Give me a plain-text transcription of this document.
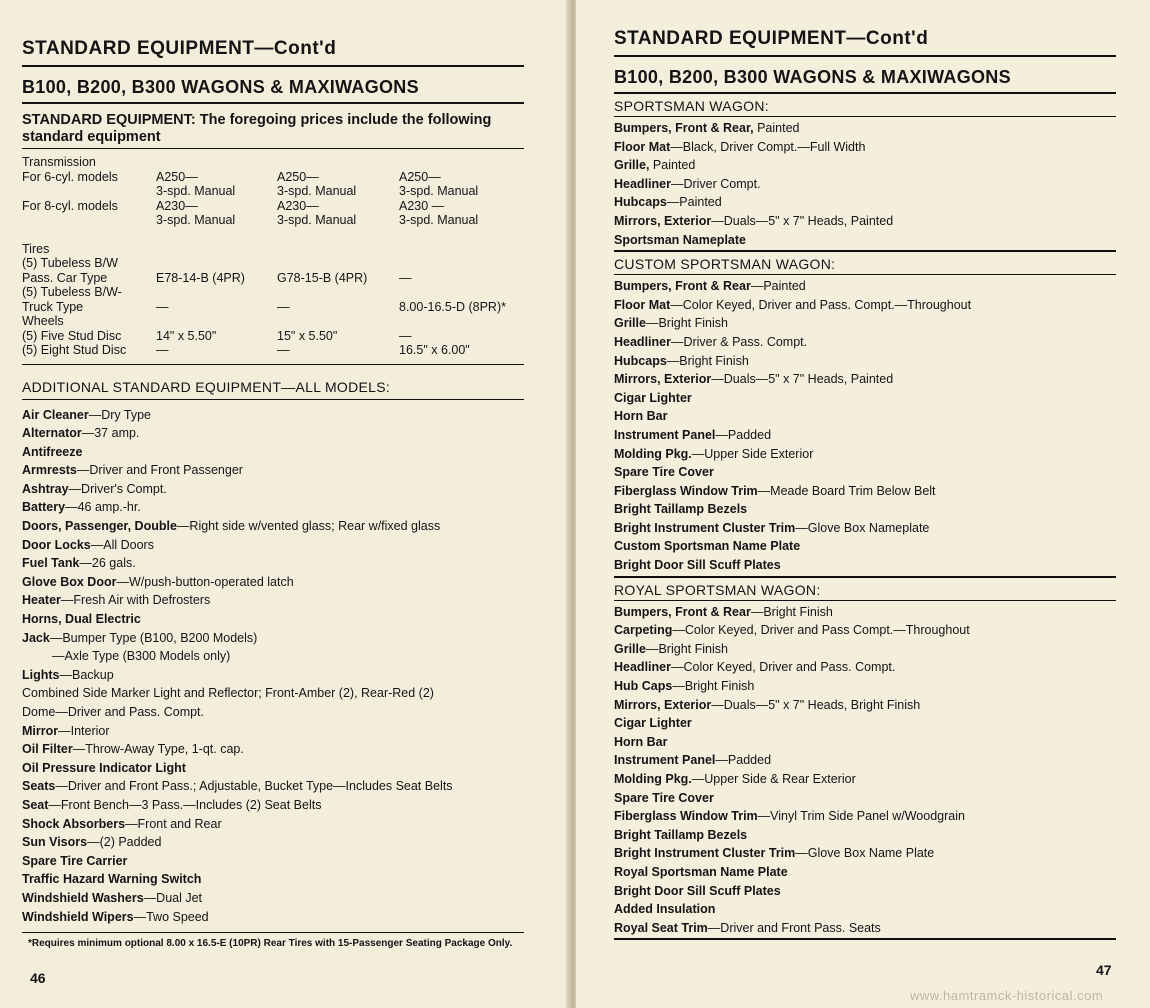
STANDARD EQUIPMENT—Cont'd
B100, B200, B300 WAGONS & MAXIWAGONS
STANDARD EQUIPMENT: The foregoing prices include the following standard equipment
Transmission
For 6-cyl. models	A250—	A250—	A250—
3-spd. Manual	3-spd. Manual	3-spd. Manual
For 8-cyl. models	A230—	A230—	A230 —
3-spd. Manual	3-spd. Manual	3-spd. Manual
Tires
(5) Tubeless B/W
Pass. Car Type	E78-14-B (4PR)	G78-15-B (4PR)	—
(5) Tubeless B/W-
Truck Type	—	—	8.00-16.5-D (8PR)*
Wheels
(5) Five Stud Disc	14" x 5.50"	15" x 5.50"	—
(5) Eight Stud Disc	—	—	16.5" x 6.00"
ADDITIONAL STANDARD EQUIPMENT—ALL MODELS:
Air Cleaner—Dry Type
Alternator—37 amp.
Antifreeze
Armrests—Driver and Front Passenger
Ashtray—Driver's Compt.
Battery—46 amp.-hr.
Doors, Passenger, Double—Right side w/vented glass; Rear w/fixed glass
Door Locks—All Doors
Fuel Tank—26 gals.
Glove Box Door—W/push-button-operated latch
Heater—Fresh Air with Defrosters
Horns, Dual Electric
Jack—Bumper Type (B100, B200 Models)
—Axle Type (B300 Models only)
Lights—Backup
Combined Side Marker Light and Reflector; Front-Amber (2), Rear-Red (2)
Dome—Driver and Pass. Compt.
Mirror—Interior
Oil Filter—Throw-Away Type, 1-qt. cap.
Oil Pressure Indicator Light
Seats—Driver and Front Pass.; Adjustable, Bucket Type—Includes Seat Belts
Seat—Front Bench—3 Pass.—Includes (2) Seat Belts
Shock Absorbers—Front and Rear
Sun Visors—(2) Padded
Spare Tire Carrier
Traffic Hazard Warning Switch
Windshield Washers—Dual Jet
Windshield Wipers—Two Speed
*Requires minimum optional 8.00 x 16.5-E (10PR) Rear Tires with 15-Passenger Seating Package Only.
46
STANDARD EQUIPMENT—Cont'd
B100, B200, B300 WAGONS & MAXIWAGONS
SPORTSMAN WAGON:
Bumpers, Front & Rear, Painted
Floor Mat—Black, Driver Compt.—Full Width
Grille, Painted
Headliner—Driver Compt.
Hubcaps—Painted
Mirrors, Exterior—Duals—5" x 7" Heads, Painted
Sportsman Nameplate
CUSTOM SPORTSMAN WAGON:
Bumpers, Front & Rear—Painted
Floor Mat—Color Keyed, Driver and Pass. Compt.—Throughout
Grille—Bright Finish
Headliner—Driver & Pass. Compt.
Hubcaps—Bright Finish
Mirrors, Exterior—Duals—5" x 7" Heads, Painted
Cigar Lighter
Horn Bar
Instrument Panel—Padded
Molding Pkg.—Upper Side Exterior
Spare Tire Cover
Fiberglass Window Trim—Meade Board Trim Below Belt
Bright Taillamp Bezels
Bright Instrument Cluster Trim—Glove Box Nameplate
Custom Sportsman Name Plate
Bright Door Sill Scuff Plates
ROYAL SPORTSMAN WAGON:
Bumpers, Front & Rear—Bright Finish
Carpeting—Color Keyed, Driver and Pass Compt.—Throughout
Grille—Bright Finish
Headliner—Color Keyed, Driver and Pass. Compt.
Hub Caps—Bright Finish
Mirrors, Exterior—Duals—5" x 7" Heads, Bright Finish
Cigar Lighter
Horn Bar
Instrument Panel—Padded
Molding Pkg.—Upper Side & Rear Exterior
Spare Tire Cover
Fiberglass Window Trim—Vinyl Trim Side Panel w/Woodgrain
Bright Taillamp Bezels
Bright Instrument Cluster Trim—Glove Box Name Plate
Royal Sportsman Name Plate
Bright Door Sill Scuff Plates
Added Insulation
Royal Seat Trim—Driver and Front Pass. Seats
47
www.hamtramck-historical.com
